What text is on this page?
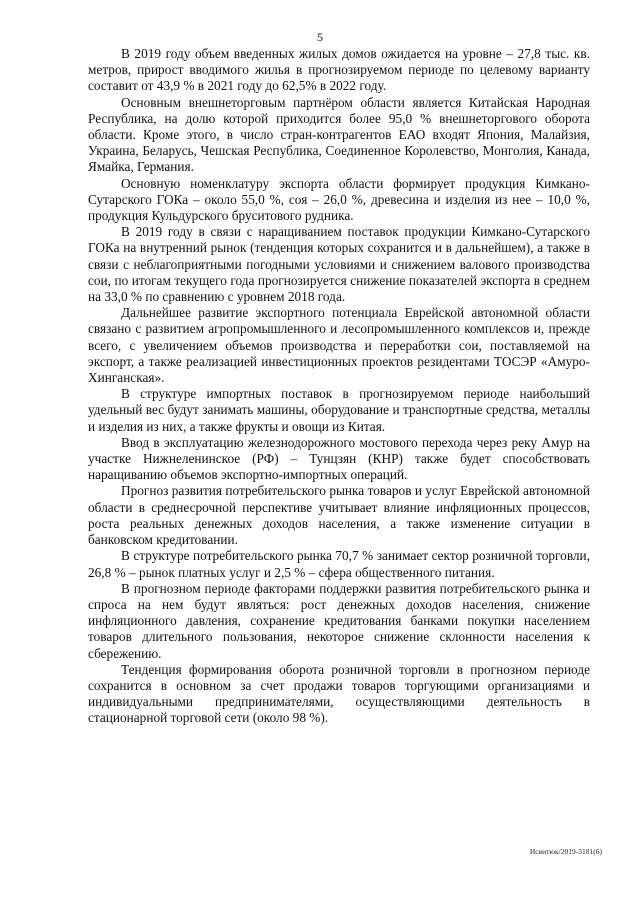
5

В 2019 году объем введенных жилых домов ожидается на уровне – 27,8 тыс. кв. метров, прирост вводимого жилья в прогнозируемом периоде по целевому варианту составит от 43,9 % в 2021 году до 62,5% в 2022 году.

Основным внешнеторговым партнёром области является Китайская Народная Республика, на долю которой приходится более 95,0 % внешнеторгового оборота области. Кроме этого, в число стран-контрагентов ЕАО входят Япония, Малайзия, Украина, Беларусь, Чешская Республика, Соединенное Королевство, Монголия, Канада, Ямайка, Германия.

Основную номенклатуру экспорта области формирует продукция Кимкано-Сутарского ГОКа – около 55,0 %, соя – 26,0 %, древесина и изделия из нее – 10,0 %, продукция Кульдурского бруситового рудника.

В 2019 году в связи с наращиванием поставок продукции Кимкано-Сутарского ГОКа на внутренний рынок (тенденция которых сохранится и в дальнейшем), а также в связи с неблагоприятными погодными условиями и снижением валового производства сои, по итогам текущего года прогнозируется снижение показателей экспорта в среднем на 33,0 % по сравнению с уровнем 2018 года.

Дальнейшее развитие экспортного потенциала Еврейской автономной области связано с развитием агропромышленного и лесопромышленного комплексов и, прежде всего, с увеличением объемов производства и переработки сои, поставляемой на экспорт, а также реализацией инвестиционных проектов резидентами ТОСЭР «Амуро-Хинганская».

В структуре импортных поставок в прогнозируемом периоде наибольший удельный вес будут занимать машины, оборудование и транспортные средства, металлы и изделия из них, а также фрукты и овощи из Китая.

Ввод в эксплуатацию железнодорожного мостового перехода через реку Амур на участке Нижнеленинское (РФ) – Тунцзян (КНР) также будет способствовать наращиванию объемов экспортно-импортных операций.

Прогноз развития потребительского рынка товаров и услуг Еврейской автономной области в среднесрочной перспективе учитывает влияние инфляционных процессов, роста реальных денежных доходов населения, а также изменение ситуации в банковском кредитовании.

В структуре потребительского рынка 70,7 % занимает сектор розничной торговли, 26,8 % – рынок платных услуг и 2,5 % – сфера общественного питания.

В прогнозном периоде факторами поддержки развития потребительского рынка и спроса на нем будут являться: рост денежных доходов населения, снижение инфляционного давления, сохранение кредитования банками покупки населением товаров длительного пользования, некоторое снижение склонности населения к сбережению.

Тенденция формирования оборота розничной торговли в прогнозном периоде сохранится в основном за счет продажи товаров торгующими организациями и индивидуальными предпринимателями, осуществляющими деятельность в стационарной торговой сети (около 98 %).

Исвитюк/2019-3181(6)
